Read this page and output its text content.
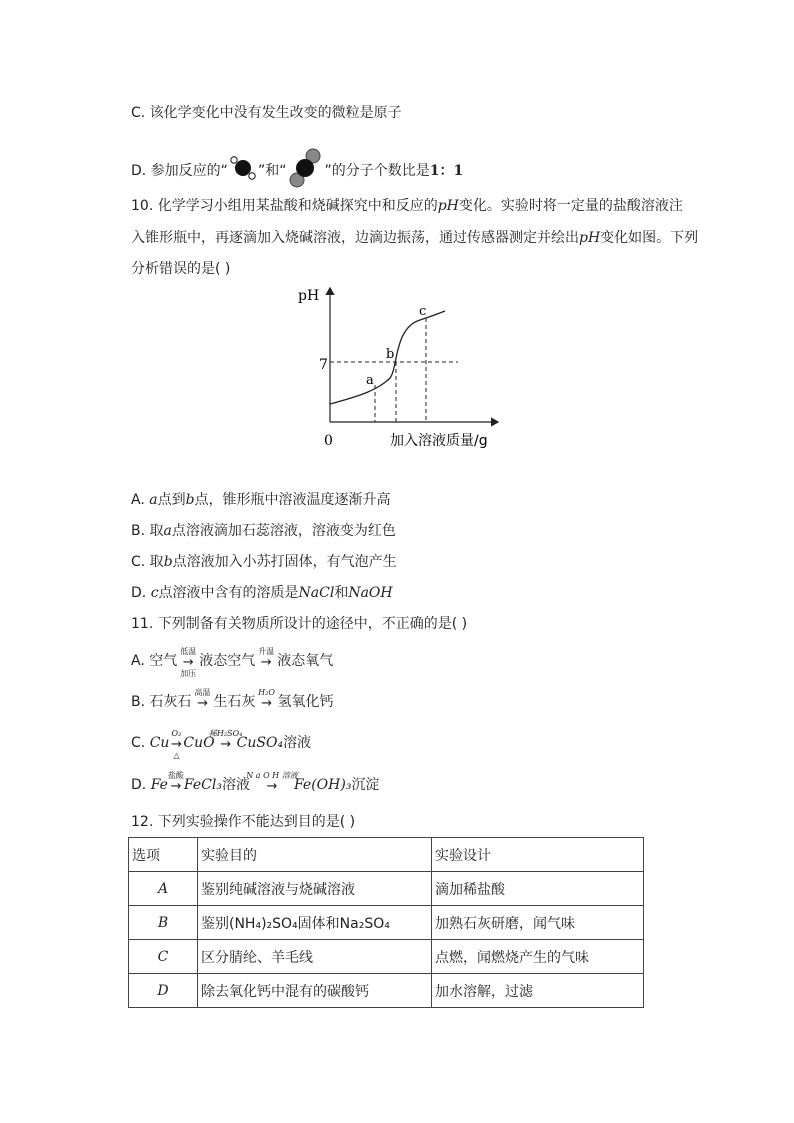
C. 该化学变化中没有发生改变的微粒是原子
D. 参加反应的“ ”和“	”的分子个数比是1：1
10. 化学学习小组用某盐酸和烧碱探究中和反应的pH变化。实验时将一定量的盐酸溶液注
入锥形瓶中，再逐滴加入烧碱溶液，边滴边振荡，通过传感器测定并绘出pH变化如图。下列
分析错误的是( )
pH
0
7
a
b
c
加入溶液质量/g
A. a点到b点，锥形瓶中溶液温度逐渐升高
B. 取a点溶液滴加石蕊溶液，溶液变为红色
C. 取b点溶液加入小苏打固体，有气泡产生
D. c点溶液中含有的溶质是NaCl和NaOH
11. 下列制备有关物质所设计的途径中，不正确的是( )
A. 空气
低温
→
加压
液态空气
升温
→ 液态氧气
B. 石灰石
高温
→ 生石灰
H₂O
→ 氢氧化钙
C. Cu
O₂
→
△
CuO
稀H₂SO₄
→ CuSO₄溶液
D. Fe
盐酸
→ FeCl₃溶液
N a O H 溶液
→	Fe(OH)₃沉淀
12. 下列实验操作不能达到目的是( )
选项	实验目的	实验设计
A	鉴别纯碱溶液与烧碱溶液	滴加稀盐酸
B	鉴别(NH₄)₂SO₄固体和Na₂SO₄	加熟石灰研磨，闻气味
C	区分腈纶、羊毛线	点燃，闻燃烧产生的气味
D	除去氧化钙中混有的碳酸钙	加水溶解，过滤
